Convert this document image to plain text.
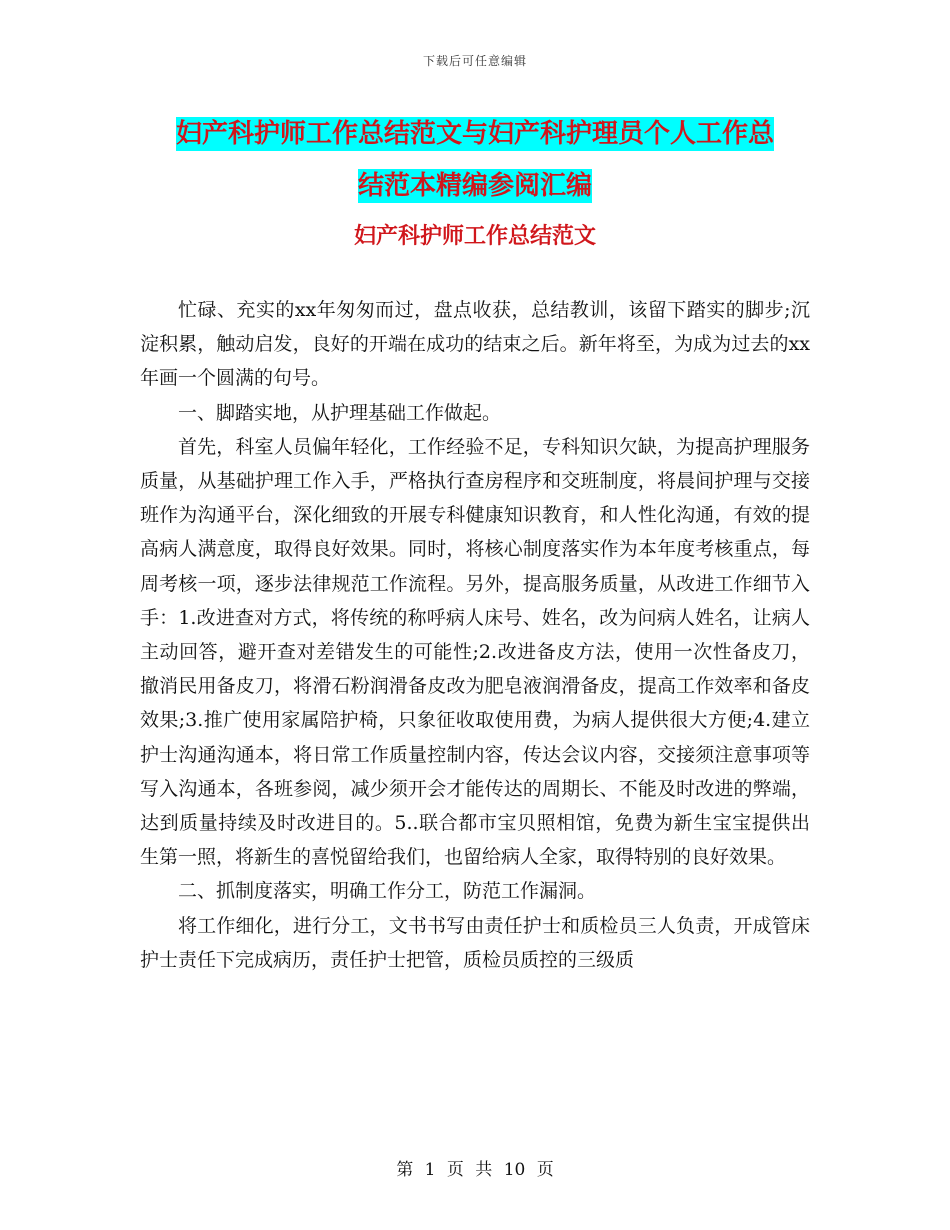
下载后可任意编辑
妇产科护师工作总结范文与妇产科护理员个人工作总
结范本精编参阅汇编
妇产科护师工作总结范文

忙碌、充实的xx年匆匆而过，盘点收获，总结教训，该留下踏实的脚步;沉淀积累，触动启发，良好的开端在成功的结束之后。新年将至，为成为过去的xx年画一个圆满的句号。

一、脚踏实地，从护理基础工作做起。

首先，科室人员偏年轻化，工作经验不足，专科知识欠缺，为提高护理服务质量，从基础护理工作入手，严格执行查房程序和交班制度，将晨间护理与交接班作为沟通平台，深化细致的开展专科健康知识教育，和人性化沟通，有效的提高病人满意度，取得良好效果。同时，将核心制度落实作为本年度考核重点，每周考核一项，逐步法律规范工作流程。另外，提高服务质量，从改进工作细节入手：1.改进查对方式，将传统的称呼病人床号、姓名，改为问病人姓名，让病人主动回答，避开查对差错发生的可能性;2.改进备皮方法，使用一次性备皮刀，撤消民用备皮刀，将滑石粉润滑备皮改为肥皂液润滑备皮，提高工作效率和备皮效果;3.推广使用家属陪护椅，只象征收取使用费，为病人提供很大方便;4.建立护士沟通沟通本，将日常工作质量控制内容，传达会议内容，交接须注意事项等写入沟通本，各班参阅，减少须开会才能传达的周期长、不能及时改进的弊端，达到质量持续及时改进目的。5..联合都市宝贝照相馆，免费为新生宝宝提供出生第一照，将新生的喜悦留给我们，也留给病人全家，取得特别的良好效果。

二、抓制度落实，明确工作分工，防范工作漏洞。

将工作细化，进行分工，文书书写由责任护士和质检员三人负责，开成管床护士责任下完成病历，责任护士把管，质检员质控的三级质

第 1 页 共 10 页
